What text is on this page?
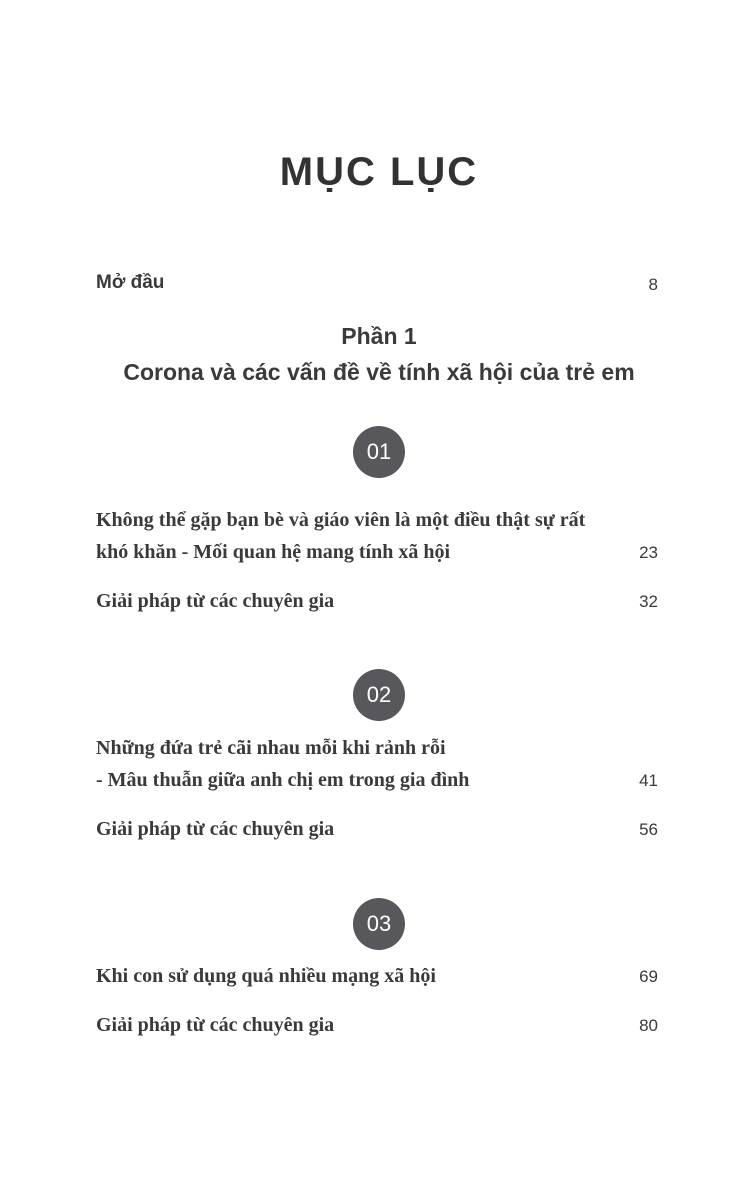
MỤC LỤC
Mở đầu	8
Phần 1
Corona và các vấn đề về tính xã hội của trẻ em
01
Không thể gặp bạn bè và giáo viên là một điều thật sự rất
khó khăn - Mối quan hệ mang tính xã hội	23
Giải pháp từ các chuyên gia	32
02
Những đứa trẻ cãi nhau mỗi khi rảnh rỗi
- Mâu thuẫn giữa anh chị em trong gia đình	41
Giải pháp từ các chuyên gia	56
03
Khi con sử dụng quá nhiều mạng xã hội	69
Giải pháp từ các chuyên gia	80
